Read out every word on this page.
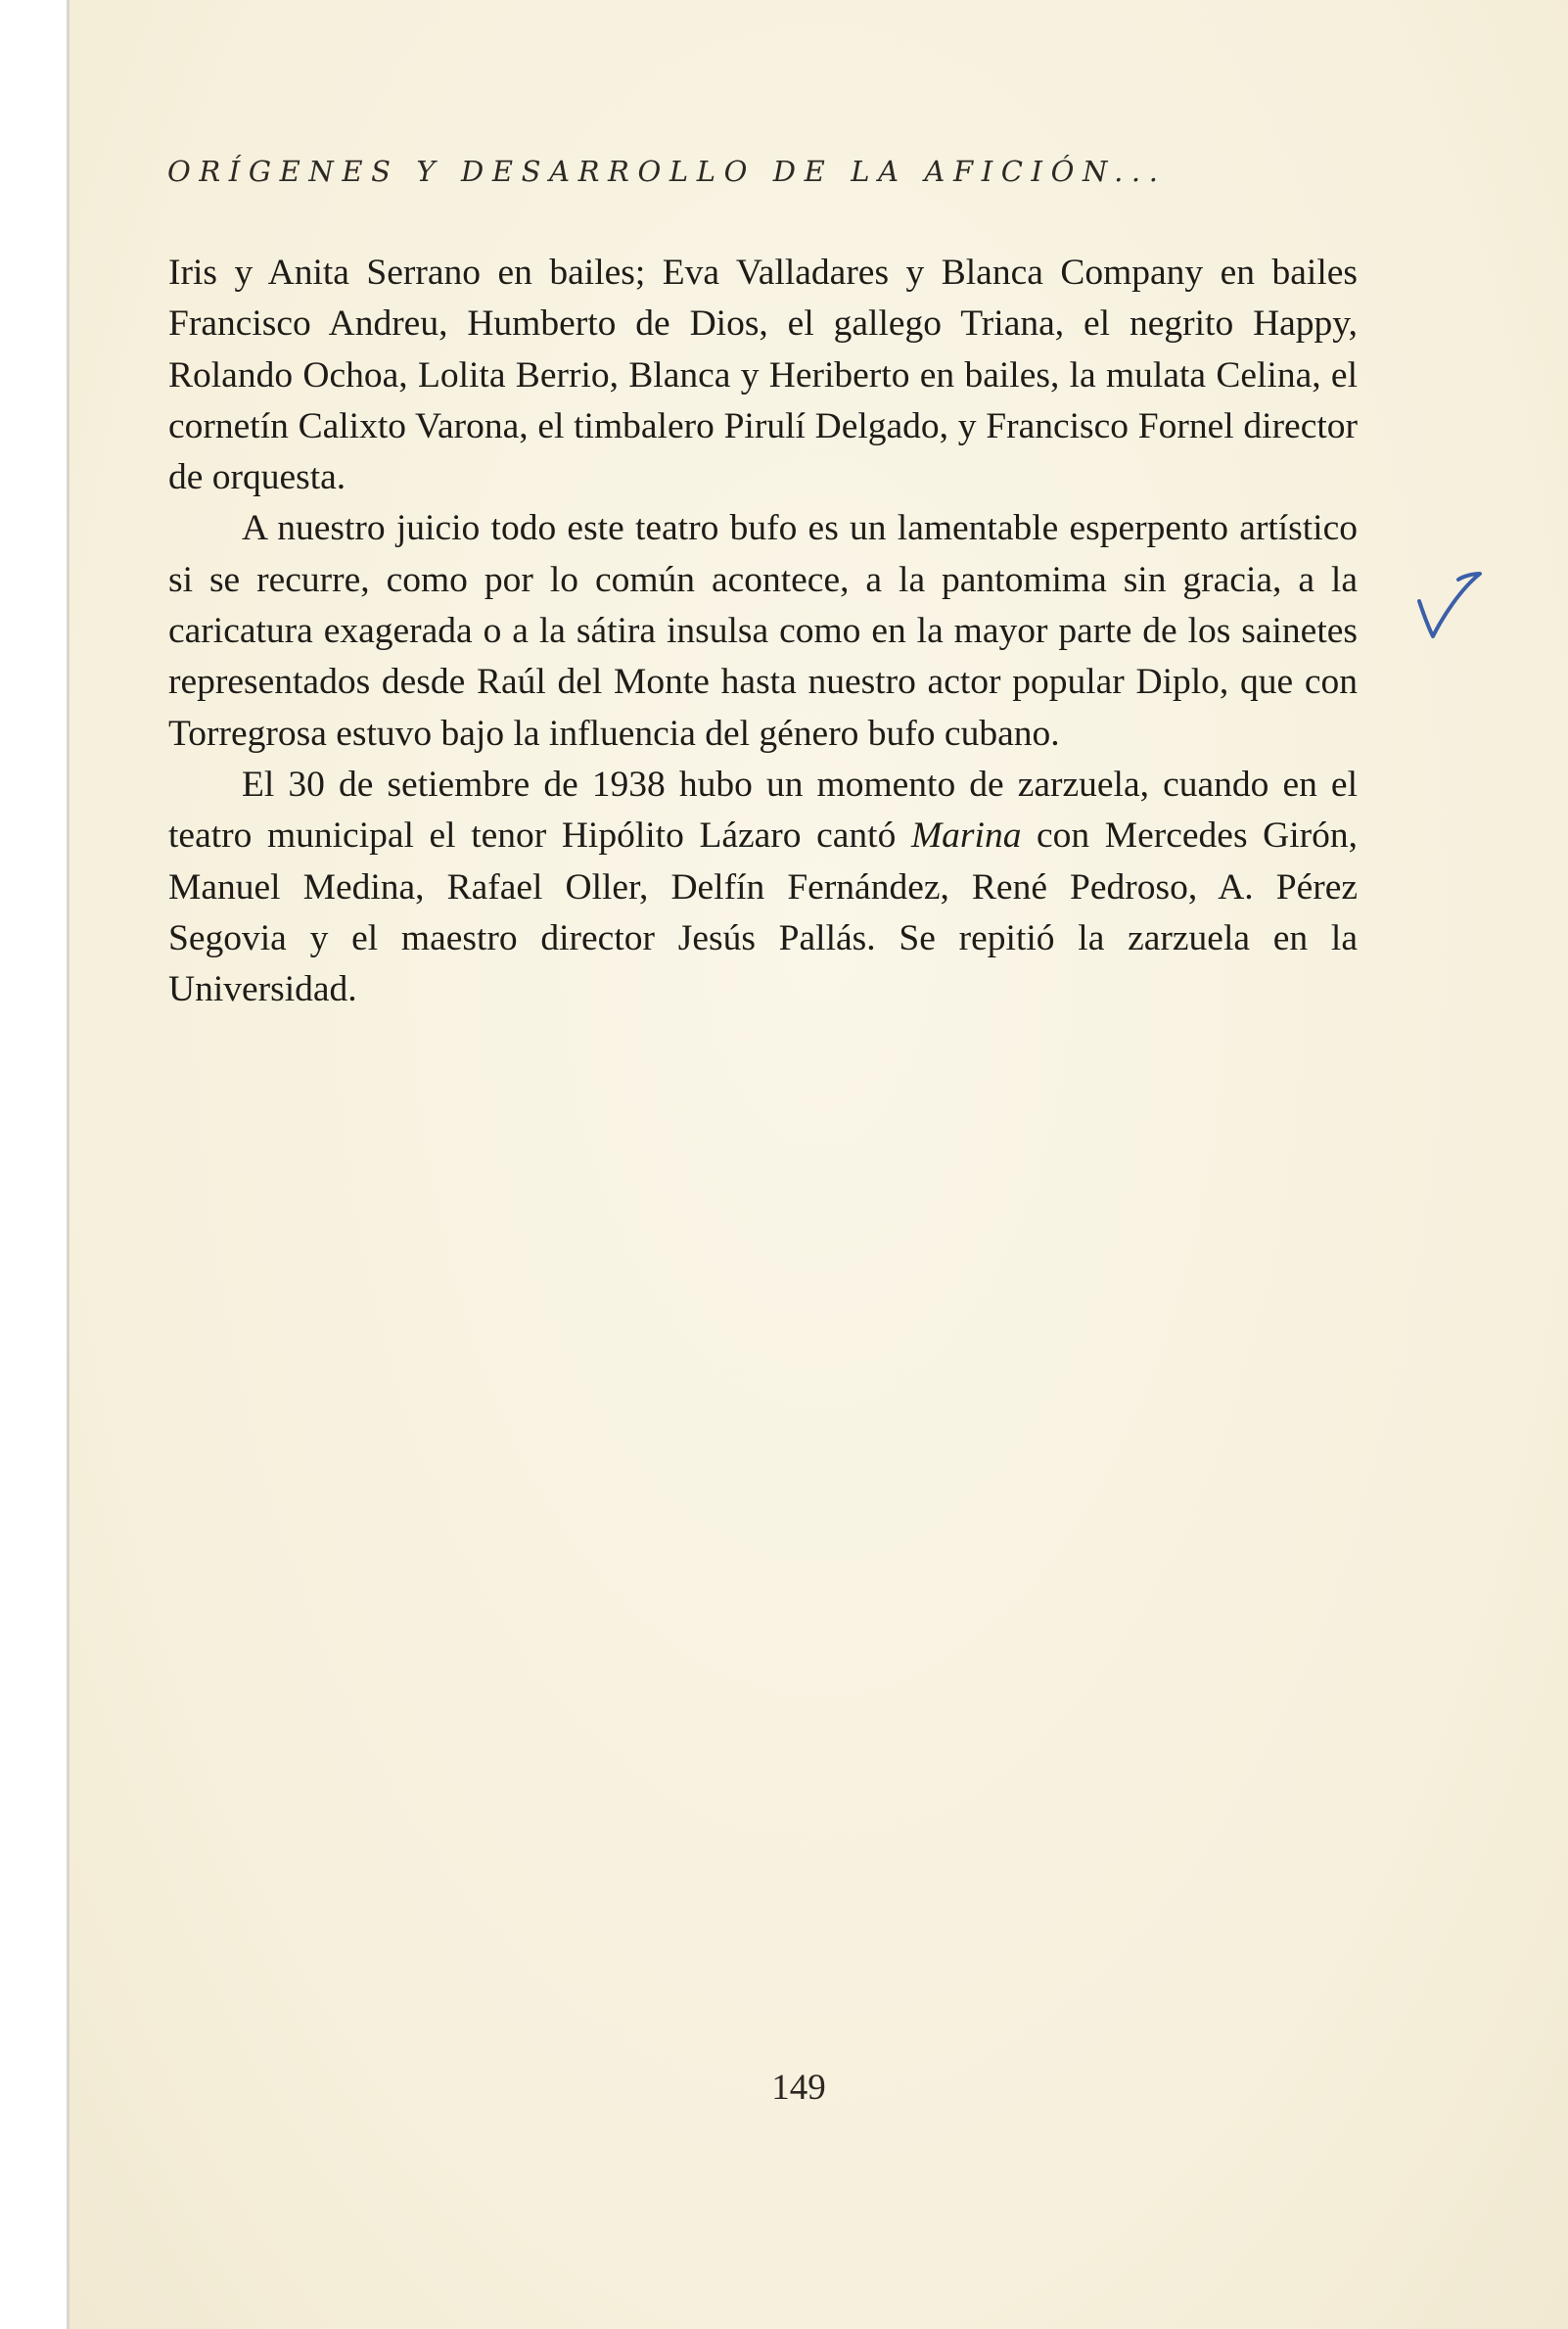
ORÍGENES Y DESARROLLO DE LA AFICIÓN...

Iris y Anita Serrano en bailes; Eva Valladares y Blanca Company en bailes Francisco Andreu, Humberto de Dios, el gallego Triana, el negrito Happy, Rolando Ochoa, Lolita Berrio, Blanca y Heriberto en bailes, la mulata Celina, el cornetín Calixto Varona, el timbalero Pirulí Delgado, y Francisco Fornel director de orquesta.

A nuestro juicio todo este teatro bufo es un lamentable esperpento artístico si se recurre, como por lo común acontece, a la pantomima sin gracia, a la caricatura exagerada o a la sátira insulsa como en la mayor parte de los sainetes representados desde Raúl del Monte hasta nuestro actor popular Diplo, que con Torregrosa estuvo bajo la influencia del género bufo cubano.

El 30 de setiembre de 1938 hubo un momento de zarzuela, cuando en el teatro municipal el tenor Hipólito Lázaro cantó Marina con Mercedes Girón, Manuel Medina, Rafael Oller, Delfín Fernández, René Pedroso, A. Pérez Segovia y el maestro director Jesús Pallás. Se repitió la zarzuela en la Universidad.

149
